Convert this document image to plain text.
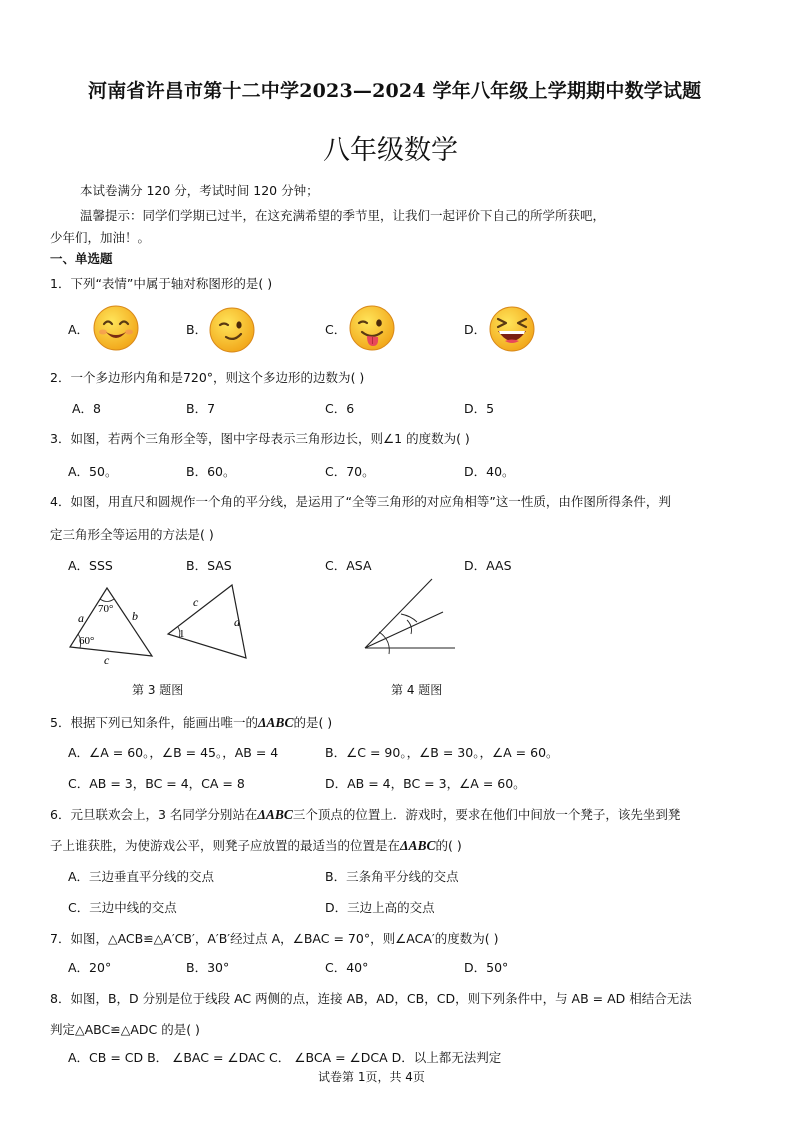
河南省许昌市第十二中学2023—2024 学年八年级上学期期中数学试题
八年级数学
本试卷满分 120 分，考试时间 120 分钟；
温馨提示：同学们学期已过半，在这充满希望的季节里，让我们一起评价下自己的所学所获吧，
少年们，加油！。
一、单选题
1．下列“表情”中属于轴对称图形的是( )
A．	B．	C．	D．
2．一个多边形内角和是720°，则这个多边形的边数为( )
A．8	B．7	C．6	D．5
3．如图，若两个三角形全等，图中字母表示三角形边长，则∠1 的度数为( )
A．50。	B．60。	C．70。	D．40。
4．如图，用直尺和圆规作一个角的平分线，是运用了“全等三角形的对应角相等”这一性质，由作图所得条件，判
定三角形全等运用的方法是( )
A．SSS	B．SAS	C．ASA	D．AAS
70°
60°
a	b
c
c
a
1
第 3 题图	第 4 题图
5．根据下列已知条件，能画出唯一的ΔABC的是( )
A．∠A = 60。，∠B = 45。，AB = 4	B．∠C = 90。，∠B = 30。，∠A = 60。
C．AB = 3，BC = 4，CA = 8	D．AB = 4，BC = 3，∠A = 60。
6．元旦联欢会上，3 名同学分别站在ΔABC三个顶点的位置上．游戏时，要求在他们中间放一个凳子，该先坐到凳
子上谁获胜，为使游戏公平，则凳子应放置的最适当的位置是在ΔABC的( )
A．三边垂直平分线的交点	B．三条角平分线的交点
C．三边中线的交点	D．三边上高的交点
7．如图，△ACB≌△A′CB′，A′B′经过点 A，∠BAC = 70°，则∠ACA′的度数为( )
A．20°	B．30°	C．40°	D．50°
8．如图，B，D 分别是位于线段 AC 两侧的点，连接 AB，AD，CB，CD，则下列条件中，与 AB = AD 相结合无法
判定△ABC≌△ADC 的是( )
A．CB = CD B． ∠BAC = ∠DAC C． ∠BCA = ∠DCA D．以上都无法判定
试卷第 1页，共 4页
